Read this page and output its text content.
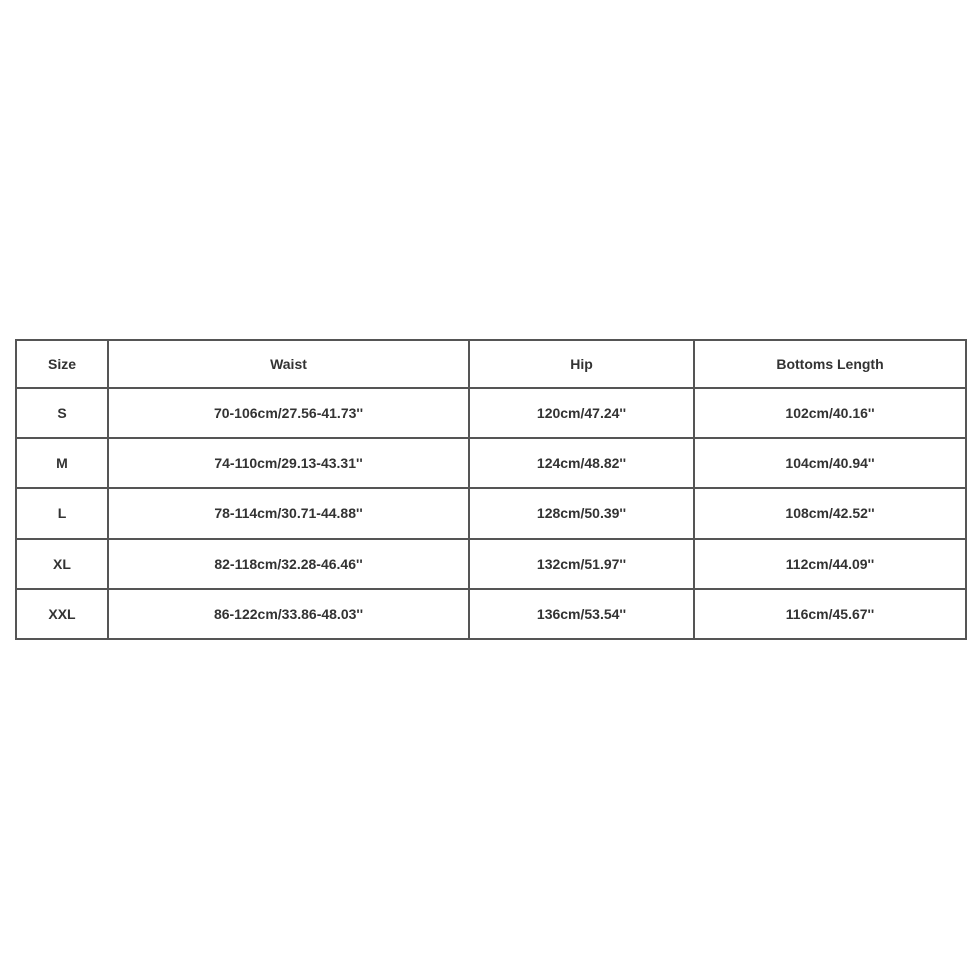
Size	Waist	Hip	Bottoms Length
S	70-106cm/27.56-41.73''	120cm/47.24''	102cm/40.16''
M	74-110cm/29.13-43.31''	124cm/48.82''	104cm/40.94''
L	78-114cm/30.71-44.88''	128cm/50.39''	108cm/42.52''
XL	82-118cm/32.28-46.46''	132cm/51.97''	112cm/44.09''
XXL	86-122cm/33.86-48.03''	136cm/53.54''	116cm/45.67''
